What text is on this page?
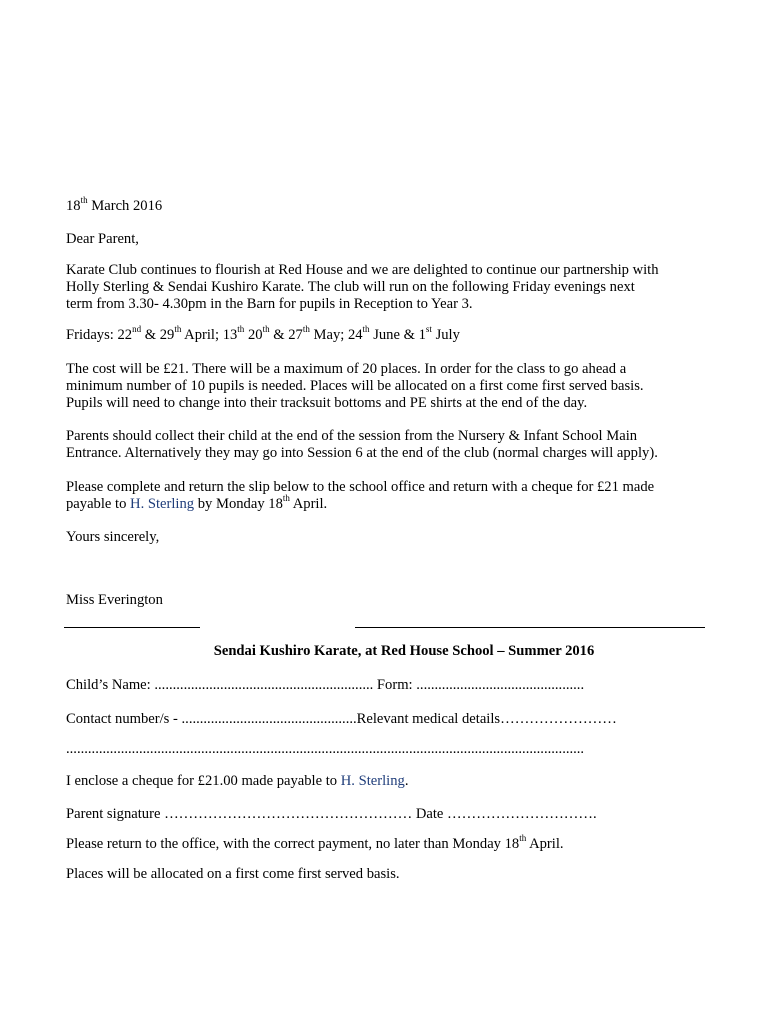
18th March 2016

Dear Parent,

Karate Club continues to flourish at Red House and we are delighted to continue our partnership with

Holly Sterling & Sendai Kushiro Karate. The club will run on the following Friday evenings next

term from 3.30- 4.30pm in the Barn for pupils in Reception to Year 3.

Fridays: 22nd & 29th April; 13th 20th & 27th May; 24th June & 1st July

The cost will be £21. There will be a maximum of 20 places. In order for the class to go ahead a

minimum number of 10 pupils is needed. Places will be allocated on a first come first served basis.

Pupils will need to change into their tracksuit bottoms and PE shirts at the end of the day.

Parents should collect their child at the end of the session from the Nursery & Infant School Main

Entrance. Alternatively they may go into Session 6 at the end of the club (normal charges will apply).

Please complete and return the slip below to the school office and return with a cheque for £21 made

payable to H. Sterling by Monday 18th April.

Yours sincerely,

Miss Everington

Sendai Kushiro Karate, at Red House School – Summer 2016

Child’s Name: ............................................................ Form: ..............................................

Contact number/s - ................................................Relevant medical details……………………

..............................................................................................................................................

I enclose a cheque for £21.00 made payable to H. Sterling.

Parent signature …………………………………………… Date ………………………….

Please return to the office, with the correct payment, no later than Monday 18th April.

Places will be allocated on a first come first served basis.
